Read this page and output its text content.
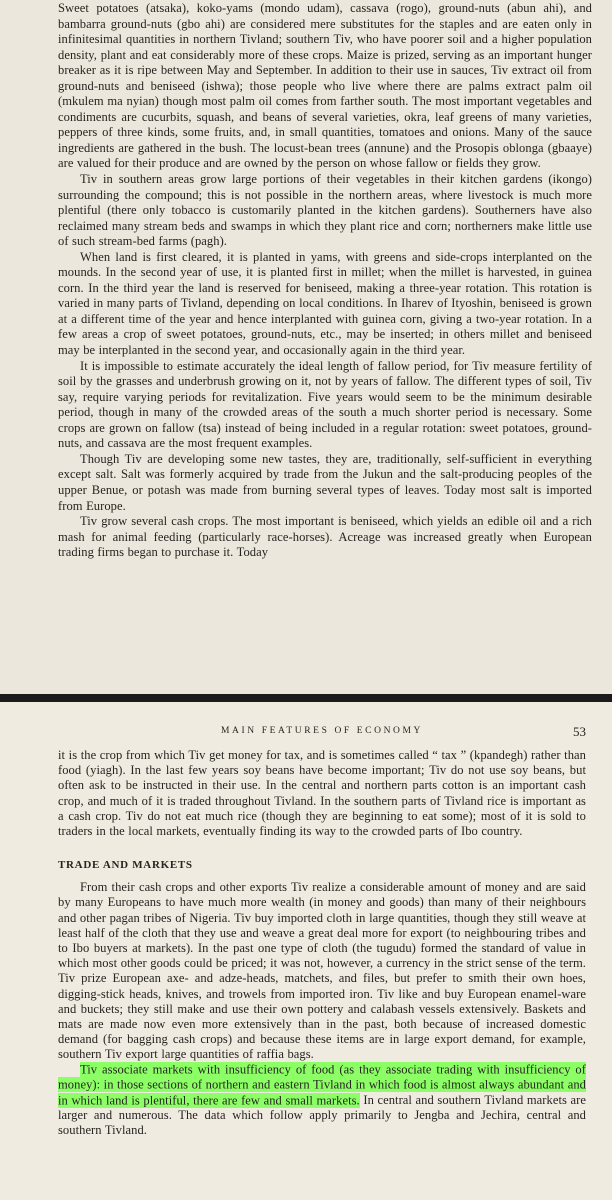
Sweet potatoes (atsaka), koko-yams (mondo udam), cassava (rogo), ground-nuts (abun ahi), and bambarra ground-nuts (gbo ahi) are considered mere substitutes for the staples and are eaten only in infinitesimal quantities in northern Tivland; southern Tiv, who have poorer soil and a higher population density, plant and eat considerably more of these crops. Maize is prized, serving as an important hunger breaker as it is ripe between May and September. In addition to their use in sauces, Tiv extract oil from ground-nuts and beniseed (ishwa); those people who live where there are palms extract palm oil (mkulem ma nyian) though most palm oil comes from farther south. The most important vegetables and condiments are cucurbits, squash, and beans of several varieties, okra, leaf greens of many varieties, peppers of three kinds, some fruits, and, in small quantities, tomatoes and onions. Many of the sauce ingredients are gathered in the bush. The locust-bean trees (annune) and the Prosopis oblonga (gbaaye) are valued for their produce and are owned by the person on whose fallow or fields they grow.

Tiv in southern areas grow large portions of their vegetables in their kitchen gardens (ikongo) surrounding the compound; this is not possible in the northern areas, where livestock is much more plentiful (there only tobacco is customarily planted in the kitchen gardens). Southerners have also reclaimed many stream beds and swamps in which they plant rice and corn; northerners make little use of such stream-bed farms (pagh).

When land is first cleared, it is planted in yams, with greens and side-crops interplanted on the mounds. In the second year of use, it is planted first in millet; when the millet is harvested, in guinea corn. In the third year the land is reserved for beniseed, making a three-year rotation. This rotation is varied in many parts of Tivland, depending on local conditions. In Iharev of Ityoshin, beniseed is grown at a different time of the year and hence interplanted with guinea corn, giving a two-year rotation. In a few areas a crop of sweet potatoes, ground-nuts, etc., may be inserted; in others millet and beniseed may be interplanted in the second year, and occasionally again in the third year.

It is impossible to estimate accurately the ideal length of fallow period, for Tiv measure fertility of soil by the grasses and underbrush growing on it, not by years of fallow. The different types of soil, Tiv say, require varying periods for revitalization. Five years would seem to be the minimum desirable period, though in many of the crowded areas of the south a much shorter period is necessary. Some crops are grown on fallow (tsa) instead of being included in a regular rotation: sweet potatoes, ground-nuts, and cassava are the most frequent examples.

Though Tiv are developing some new tastes, they are, traditionally, self-sufficient in everything except salt. Salt was formerly acquired by trade from the Jukun and the salt-producing peoples of the upper Benue, or potash was made from burning several types of leaves. Today most salt is imported from Europe.

Tiv grow several cash crops. The most important is beniseed, which yields an edible oil and a rich mash for animal feeding (particularly race-horses). Acreage was increased greatly when European trading firms began to purchase it. Today

MAIN FEATURES OF ECONOMY	53

it is the crop from which Tiv get money for tax, and is sometimes called “ tax ” (kpandegh) rather than food (yiagh). In the last few years soy beans have become important; Tiv do not use soy beans, but often ask to be instructed in their use. In the central and northern parts cotton is an important cash crop, and much of it is traded throughout Tivland. In the southern parts of Tivland rice is important as a cash crop. Tiv do not eat much rice (though they are beginning to eat some); most of it is sold to traders in the local markets, eventually finding its way to the crowded parts of Ibo country.

TRADE AND MARKETS

From their cash crops and other exports Tiv realize a considerable amount of money and are said by many Europeans to have much more wealth (in money and goods) than many of their neighbours and other pagan tribes of Nigeria. Tiv buy imported cloth in large quantities, though they still weave at least half of the cloth that they use and weave a great deal more for export (to neighbouring tribes and to Ibo buyers at markets). In the past one type of cloth (the tugudu) formed the standard of value in which most other goods could be priced; it was not, however, a currency in the strict sense of the term. Tiv prize European axe- and adze-heads, matchets, and files, but prefer to smith their own hoes, digging-stick heads, knives, and trowels from imported iron. Tiv like and buy European enamel-ware and buckets; they still make and use their own pottery and calabash vessels extensively. Baskets and mats are made now even more extensively than in the past, both because of increased domestic demand (for bagging cash crops) and because these items are in large export demand, for example, southern Tiv export large quantities of raffia bags.

Tiv associate markets with insufficiency of food (as they associate trading with insufficiency of money): in those sections of northern and eastern Tivland in which food is almost always abundant and in which land is plentiful, there are few and small markets. In central and southern Tivland markets are larger and numerous. The data which follow apply primarily to Jengba and Jechira, central and southern Tivland.
